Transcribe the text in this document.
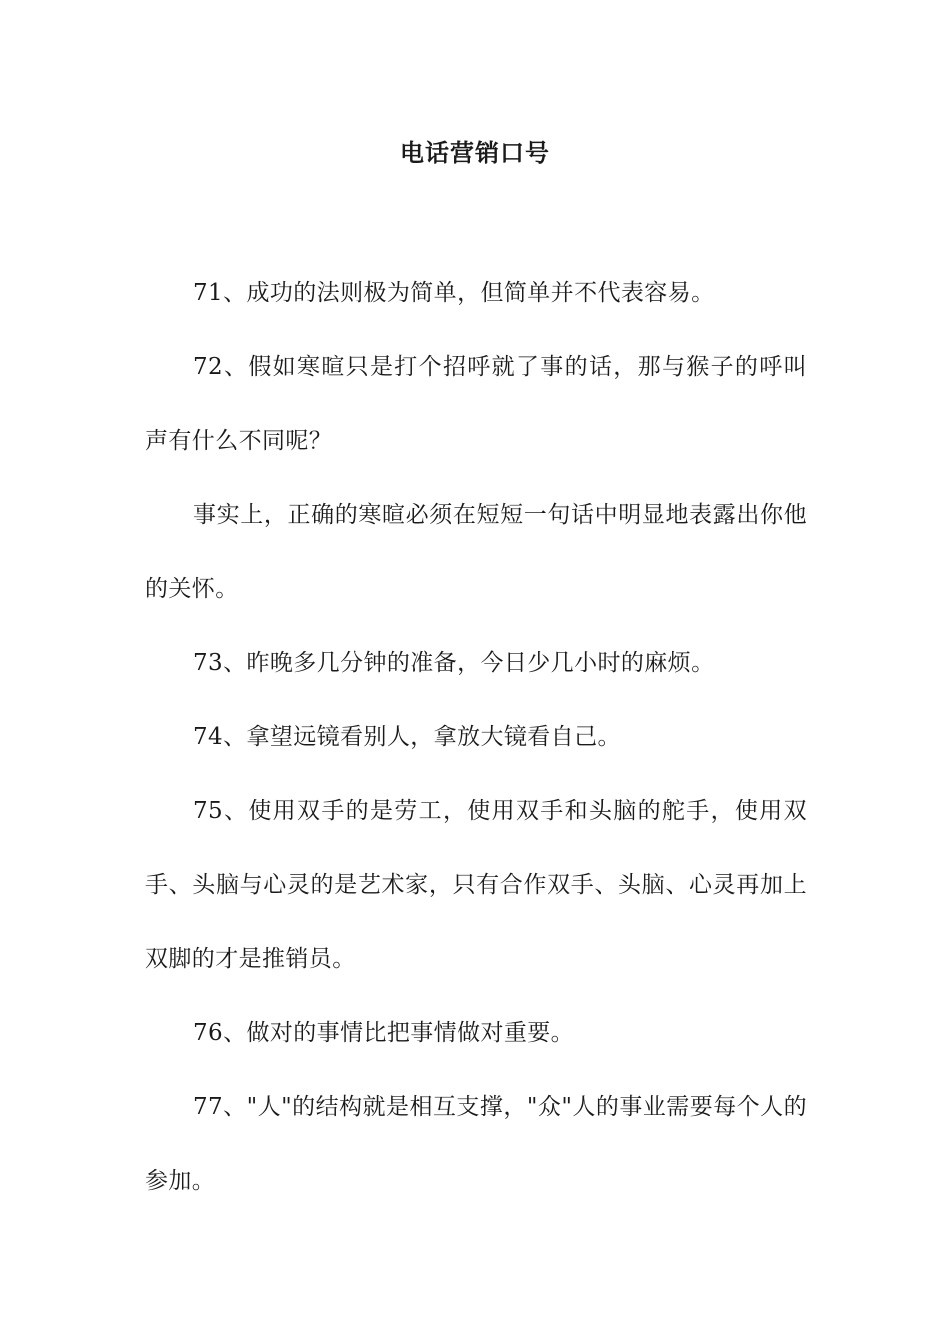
电话营销口号

71、成功的法则极为简单，但简单并不代表容易。

72、假如寒暄只是打个招呼就了事的话，那与猴子的呼叫声有什么不同呢？

事实上，正确的寒暄必须在短短一句话中明显地表露出你他的关怀。

73、昨晚多几分钟的准备，今日少几小时的麻烦。

74、拿望远镜看别人，拿放大镜看自己。

75、使用双手的是劳工，使用双手和头脑的舵手，使用双手、头脑与心灵的是艺术家，只有合作双手、头脑、心灵再加上双脚的才是推销员。

76、做对的事情比把事情做对重要。

77、"人"的结构就是相互支撑，"众"人的事业需要每个人的参加。
